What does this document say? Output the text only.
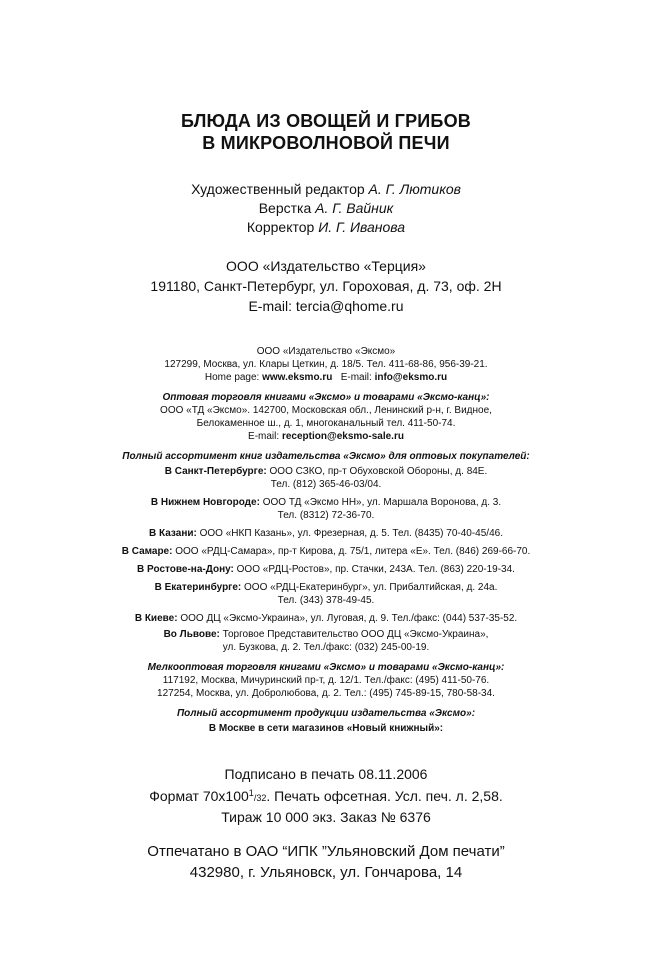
БЛЮДА ИЗ ОВОЩЕЙ И ГРИБОВ
В МИКРОВОЛНОВОЙ ПЕЧИ
Художественный редактор А. Г. Лютиков
Верстка А. Г. Вайник
Корректор И. Г. Иванова
ООО «Издательство «Терция»
191180, Санкт-Петербург, ул. Гороховая, д. 73, оф. 2Н
E-mail: tercia@qhome.ru
ООО «Издательство «Эксмо»
127299, Москва, ул. Клары Цеткин, д. 18/5. Тел. 411-68-86, 956-39-21.
Home page: www.eksmo.ru E-mail: info@eksmo.ru
Оптовая торговля книгами «Эксмо» и товарами «Эксмо-канц»:
ООО «ТД «Эксмо». 142700, Московская обл., Ленинский р-н, г. Видное,
Белокаменное ш., д. 1, многоканальный тел. 411-50-74.
E-mail: reception@eksmo-sale.ru
Полный ассортимент книг издательства «Эксмо» для оптовых покупателей:
В Санкт-Петербурге: ООО СЗКО, пр-т Обуховской Обороны, д. 84Е.
Тел. (812) 365-46-03/04.
В Нижнем Новгороде: ООО ТД «Эксмо НН», ул. Маршала Воронова, д. 3.
Тел. (8312) 72-36-70.
В Казани: ООО «НКП Казань», ул. Фрезерная, д. 5. Тел. (8435) 70-40-45/46.
В Самаре: ООО «РДЦ-Самара», пр-т Кирова, д. 75/1, литера «Е». Тел. (846) 269-66-70.
В Ростове-на-Дону: ООО «РДЦ-Ростов», пр. Стачки, 243А. Тел. (863) 220-19-34.
В Екатеринбурге: ООО «РДЦ-Екатеринбург», ул. Прибалтийская, д. 24а.
Тел. (343) 378-49-45.
В Киеве: ООО ДЦ «Эксмо-Украина», ул. Луговая, д. 9. Тел./факс: (044) 537-35-52.
Во Львове: Торговое Представительство ООО ДЦ «Эксмо-Украина»,
ул. Бузкова, д. 2. Тел./факс: (032) 245-00-19.
Мелкооптовая торговля книгами «Эксмо» и товарами «Эксмо-канц»:
117192, Москва, Мичуринский пр-т, д. 12/1. Тел./факс: (495) 411-50-76.
127254, Москва, ул. Добролюбова, д. 2. Тел.: (495) 745-89-15, 780-58-34.
Полный ассортимент продукции издательства «Эксмо»:
В Москве в сети магазинов «Новый книжный»:
Подписано в печать 08.11.2006
Формат $70х100^1/32$. Печать офсетная. Усл. печ. л. 2,58.
Тираж 10 000 экз. Заказ № 6376
Отпечатано в ОАО “ИПК ”Ульяновский Дом печати”
432980, г. Ульяновск, ул. Гончарова, 14
